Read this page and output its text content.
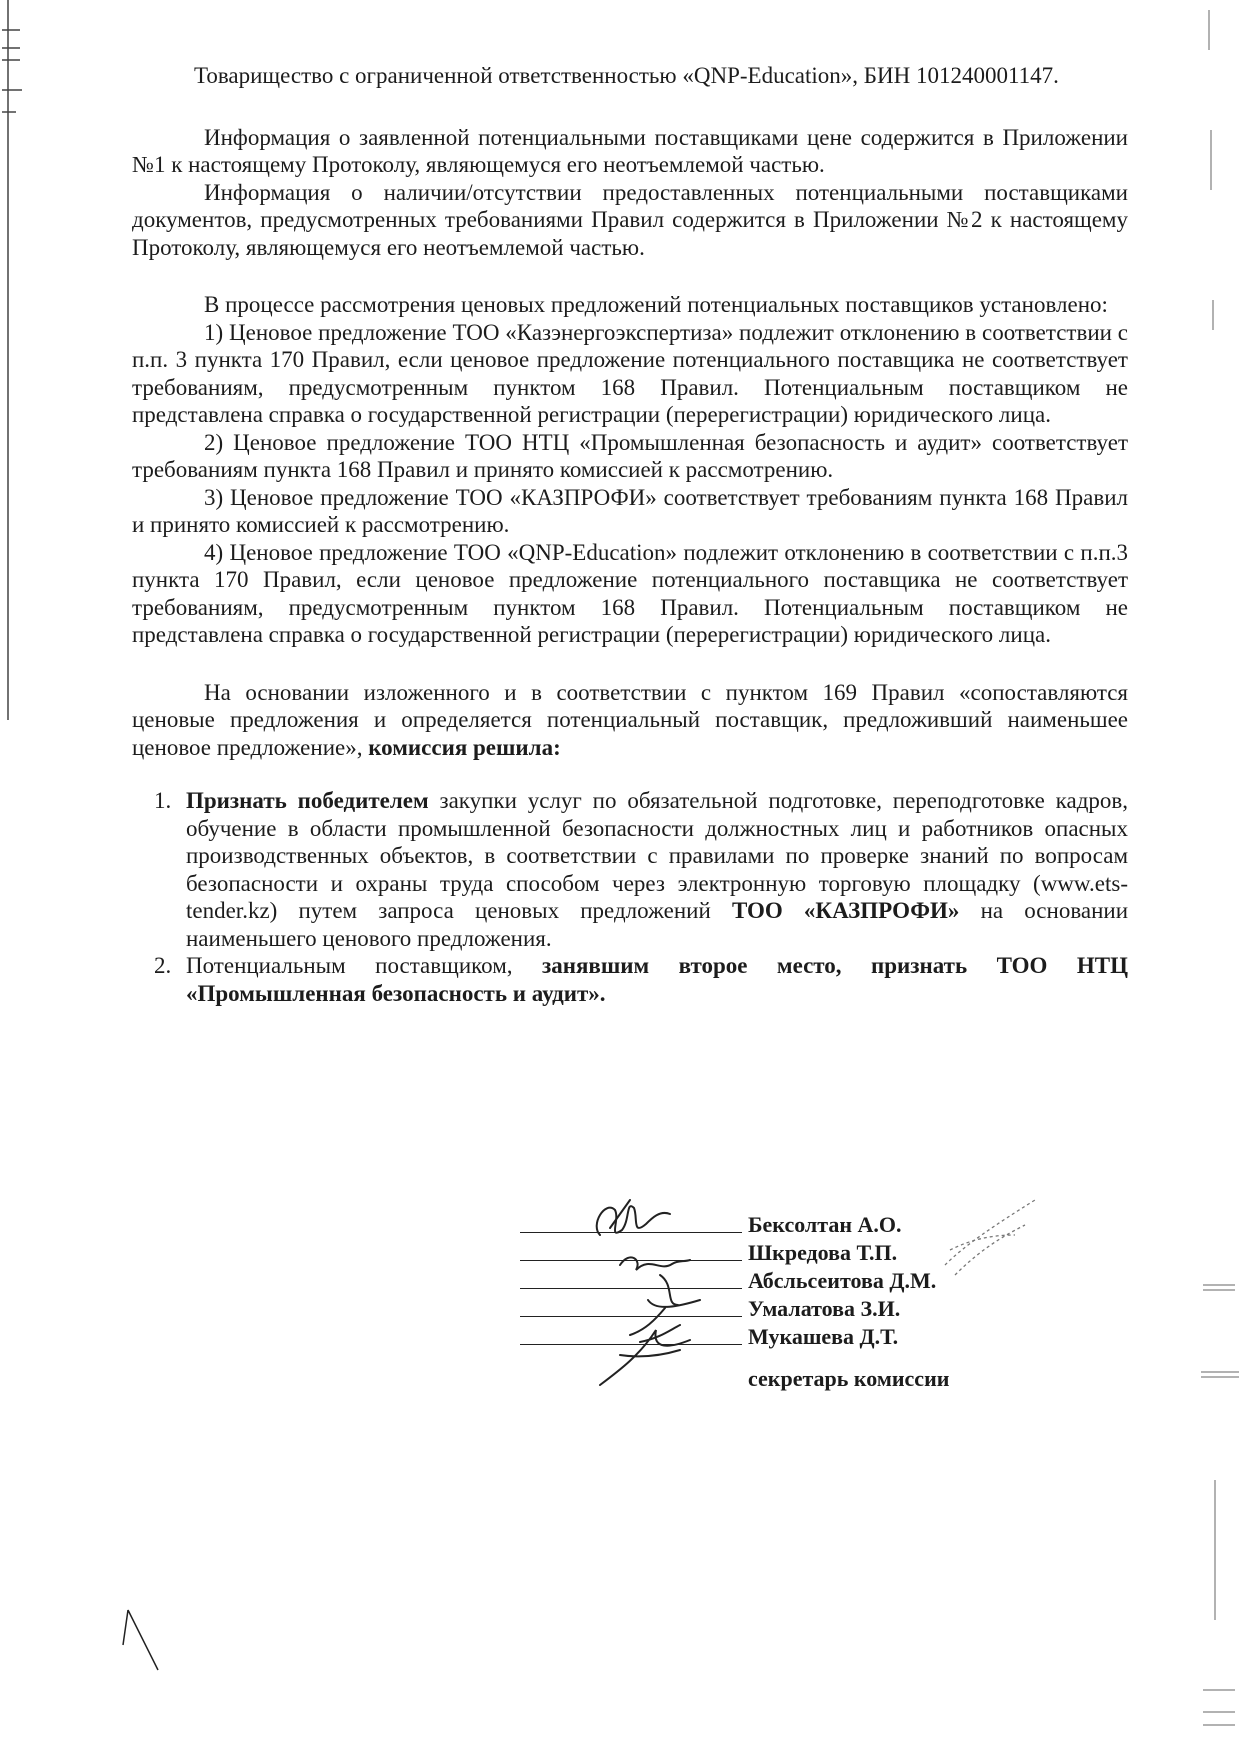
Товарищество с ограниченной ответственностью «QNP-Education», БИН 101240001147.

Информация о заявленной потенциальными поставщиками цене содержится в Приложении №1 к настоящему Протоколу, являющемуся его неотъемлемой частью.

Информация о наличии/отсутствии предоставленных потенциальными поставщиками документов, предусмотренных требованиями Правил содержится в Приложении №2 к настоящему Протоколу, являющемуся его неотъемлемой частью.

В процессе рассмотрения ценовых предложений потенциальных поставщиков установлено:

1) Ценовое предложение ТОО «Казэнергоэкспертиза» подлежит отклонению в соответствии с п.п. 3 пункта 170 Правил, если ценовое предложение потенциального поставщика не соответствует требованиям, предусмотренным пунктом 168 Правил. Потенциальным поставщиком не представлена справка о государственной регистрации (перерегистрации) юридического лица.

2) Ценовое предложение ТОО НТЦ «Промышленная безопасность и аудит» соответствует требованиям пункта 168 Правил и принято комиссией к рассмотрению.

3) Ценовое предложение ТОО «КАЗПРОФИ» соответствует требованиям пункта 168 Правил и принято комиссией к рассмотрению.

4) Ценовое предложение ТОО «QNP-Education» подлежит отклонению в соответствии с п.п.3 пункта 170 Правил, если ценовое предложение потенциального поставщика не соответствует требованиям, предусмотренным пунктом 168 Правил. Потенциальным поставщиком не представлена справка о государственной регистрации (перерегистрации) юридического лица.

На основании изложенного и в соответствии с пунктом 169 Правил «сопоставляются ценовые предложения и определяется потенциальный поставщик, предложивший наименьшее ценовое предложение», комиссия решила:

1. Признать победителем закупки услуг по обязательной подготовке, переподготовке кадров, обучение в области промышленной безопасности должностных лиц и работников опасных производственных объектов, в соответствии с правилами по проверке знаний по вопросам безопасности и охраны труда способом через электронную торговую площадку (www.ets-tender.kz) путем запроса ценовых предложений ТОО «КАЗПРОФИ» на основании наименьшего ценового предложения.
2. Потенциальным поставщиком, занявшим второе место, признать ТОО НТЦ «Промышленная безопасность и аудит».
Бексолтан А.О.
Шкредова Т.П.
Абсльсеитова Д.М.
Умалатова З.И.
Мукашева Д.Т.
секретарь комиссии
